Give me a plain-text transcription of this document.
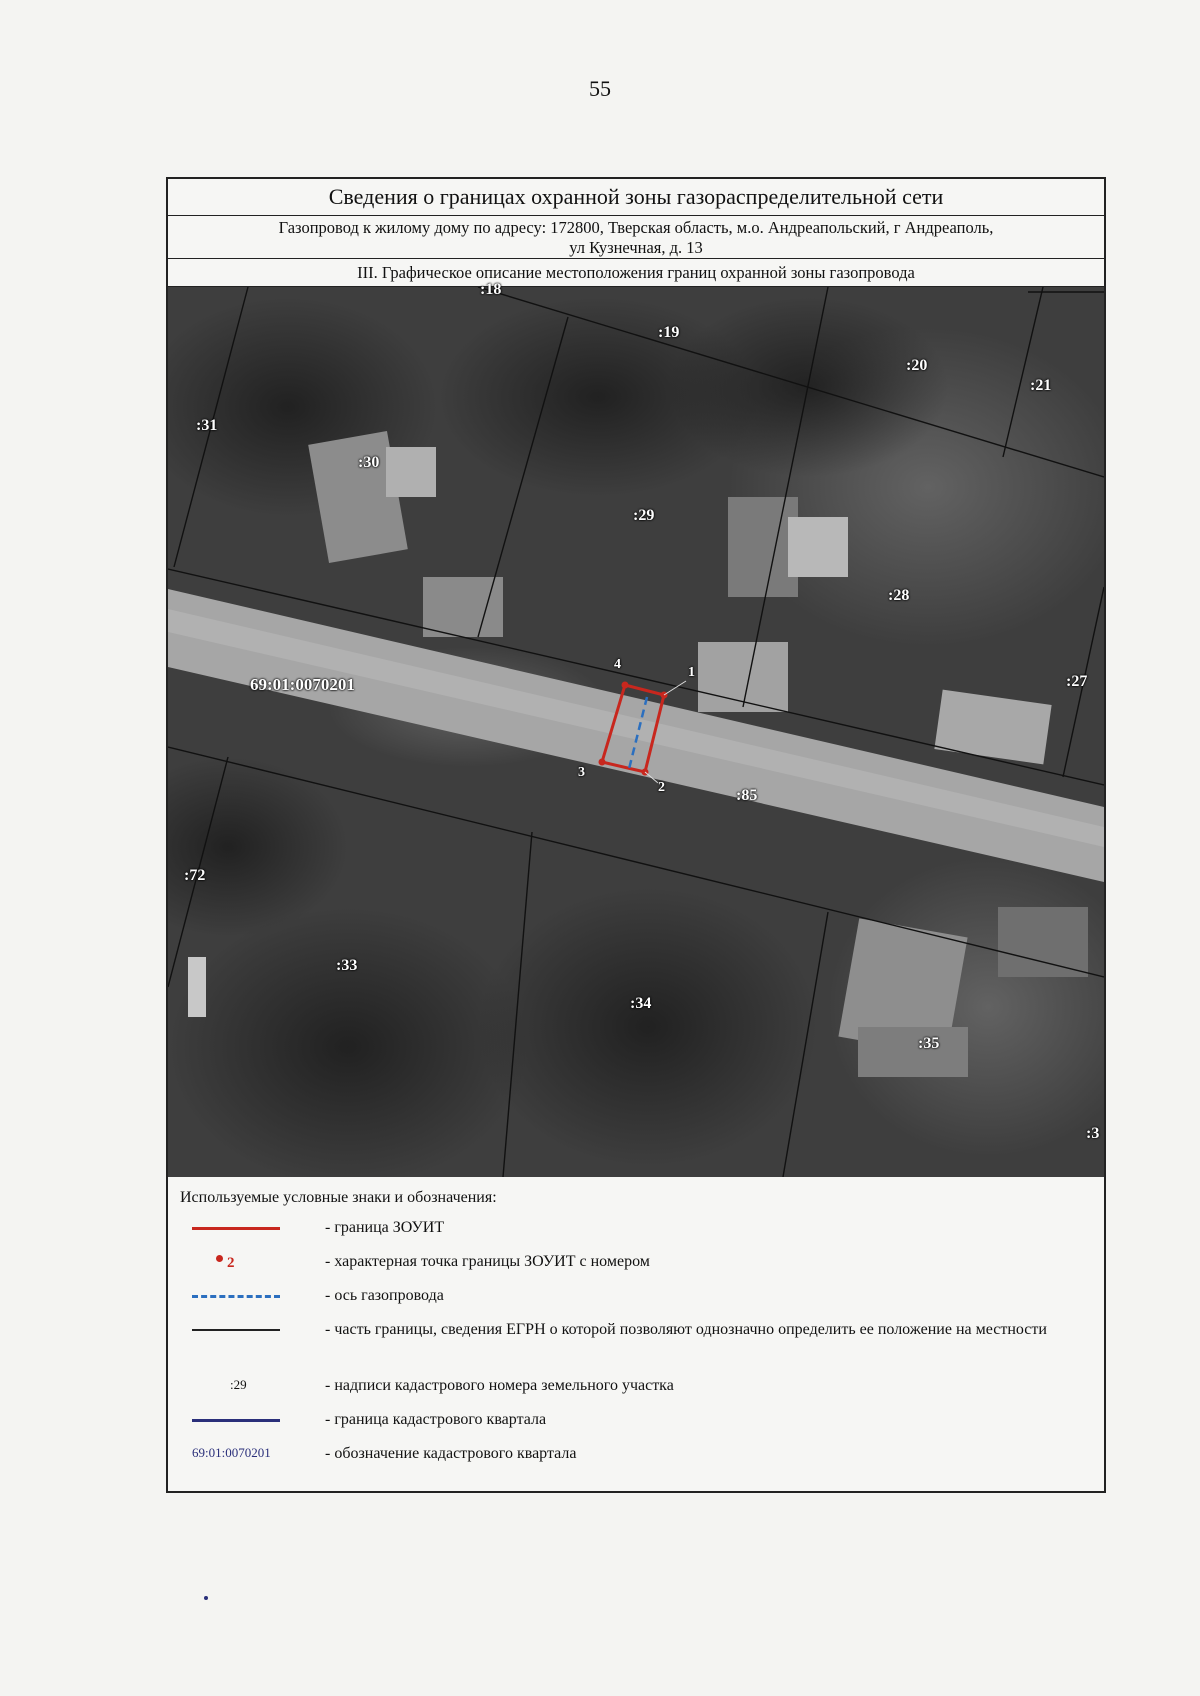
55
Сведения о границах охранной зоны газораспределительной сети
Газопровод к жилому дому по адресу: 172800, Тверская область, м.о. Андреапольский, г Андреаполь,
ул Кузнечная, д. 13
III. Графическое описание местоположения границ охранной зоны газопровода
:18
:19
:20
:21
:31
:30
:29
:28
:27
:85
:72
:33
:34
:35
:3
69:01:0070201
1
2
3
4
Используемые условные знаки и обозначения:
- граница ЗОУИТ
2	- характерная точка границы ЗОУИТ с номером
- ось газопровода
- часть границы, сведения ЕГРН о которой позволяют однозначно определить ее положение на местности
:29	- надписи кадастрового номера земельного участка
- граница кадастрового квартала
69:01:0070201	- обозначение кадастрового квартала
